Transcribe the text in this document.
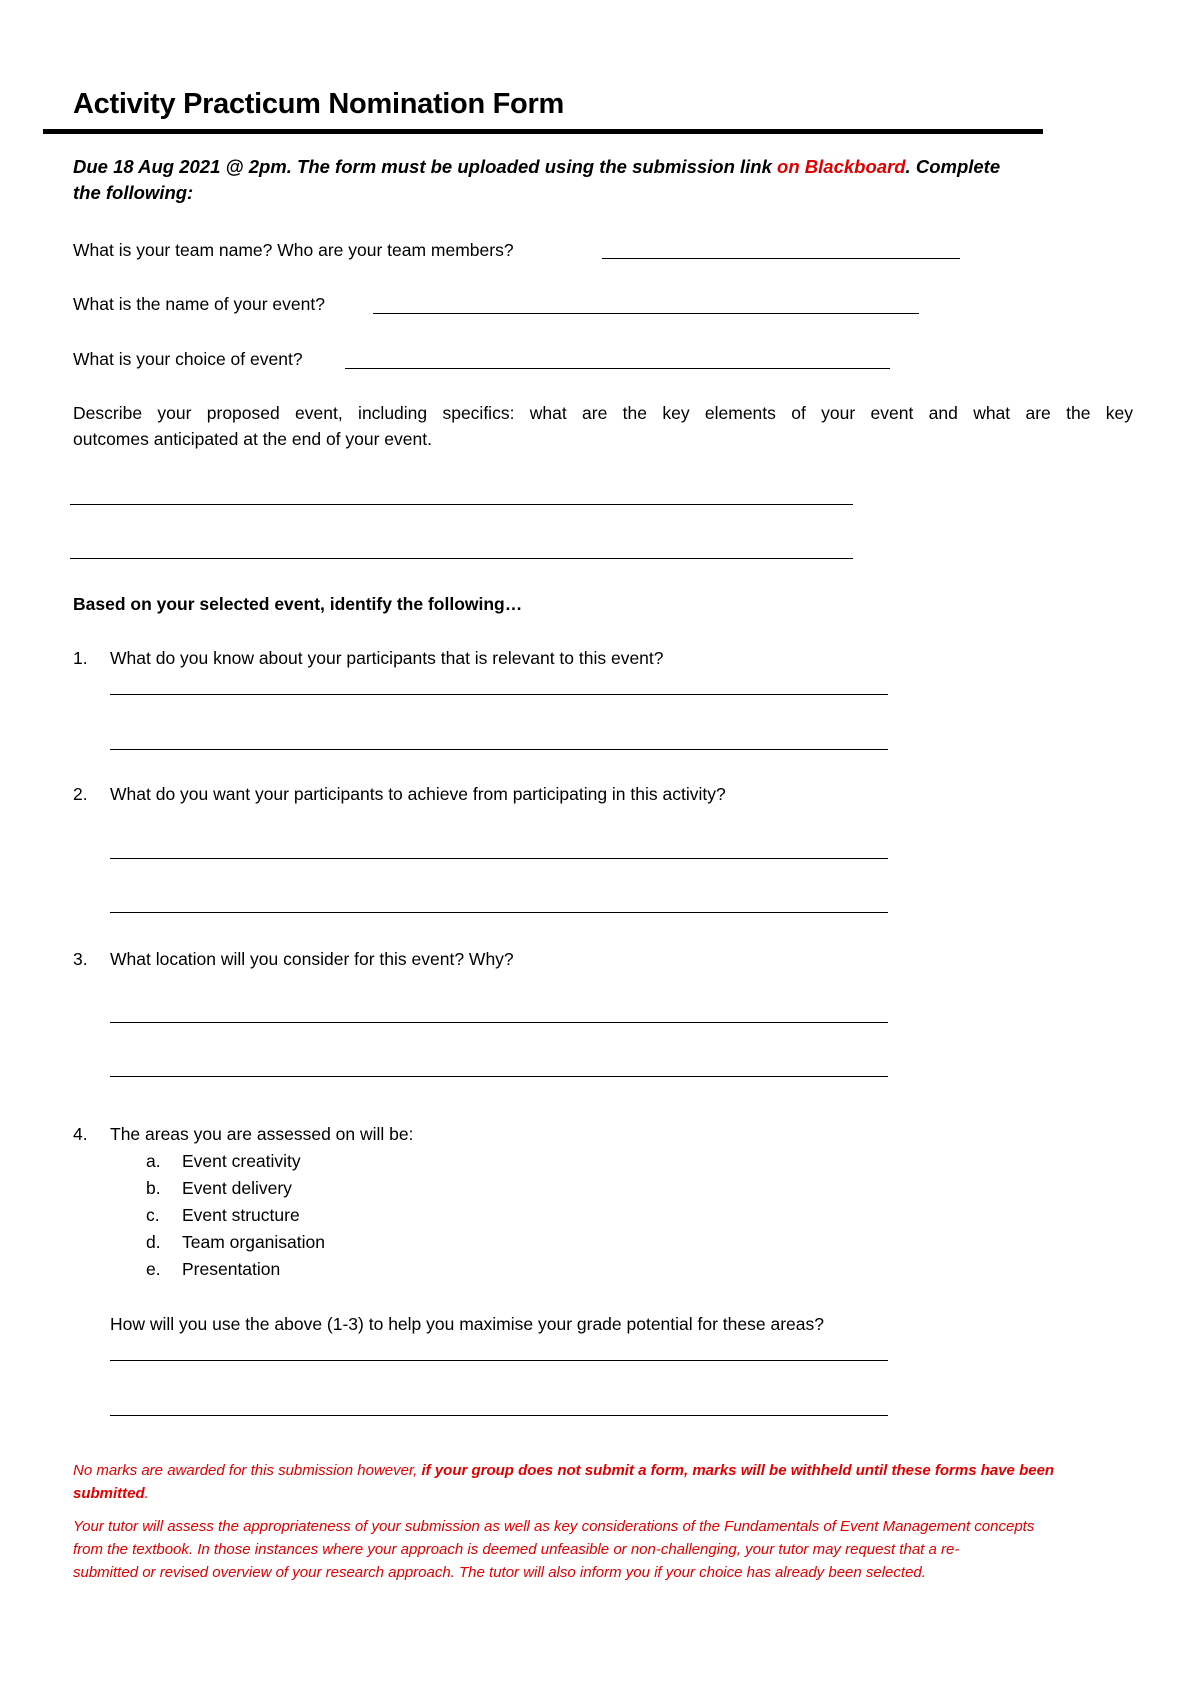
Activity Practicum Nomination Form
Due 18 Aug 2021 @ 2pm. The form must be uploaded using the submission link on Blackboard. Complete
the following:
What is your team name? Who are your team members?
What is the name of your event?
What is your choice of event?
Describe your proposed event, including specifics: what are the key elements of your event and what are the key
outcomes anticipated at the end of your event.
Based on your selected event, identify the following…
1. What do you know about your participants that is relevant to this event?
2. What do you want your participants to achieve from participating in this activity?
3. What location will you consider for this event? Why?
4. The areas you are assessed on will be:
a. Event creativity
b. Event delivery
c. Event structure
d. Team organisation
e. Presentation
How will you use the above (1-3) to help you maximise your grade potential for these areas?
No marks are awarded for this submission however, if your group does not submit a form, marks will be withheld until these forms have been
submitted.
Your tutor will assess the appropriateness of your submission as well as key considerations of the Fundamentals of Event Management concepts
from the textbook. In those instances where your approach is deemed unfeasible or non-challenging, your tutor may request that a re-
submitted or revised overview of your research approach. The tutor will also inform you if your choice has already been selected.
